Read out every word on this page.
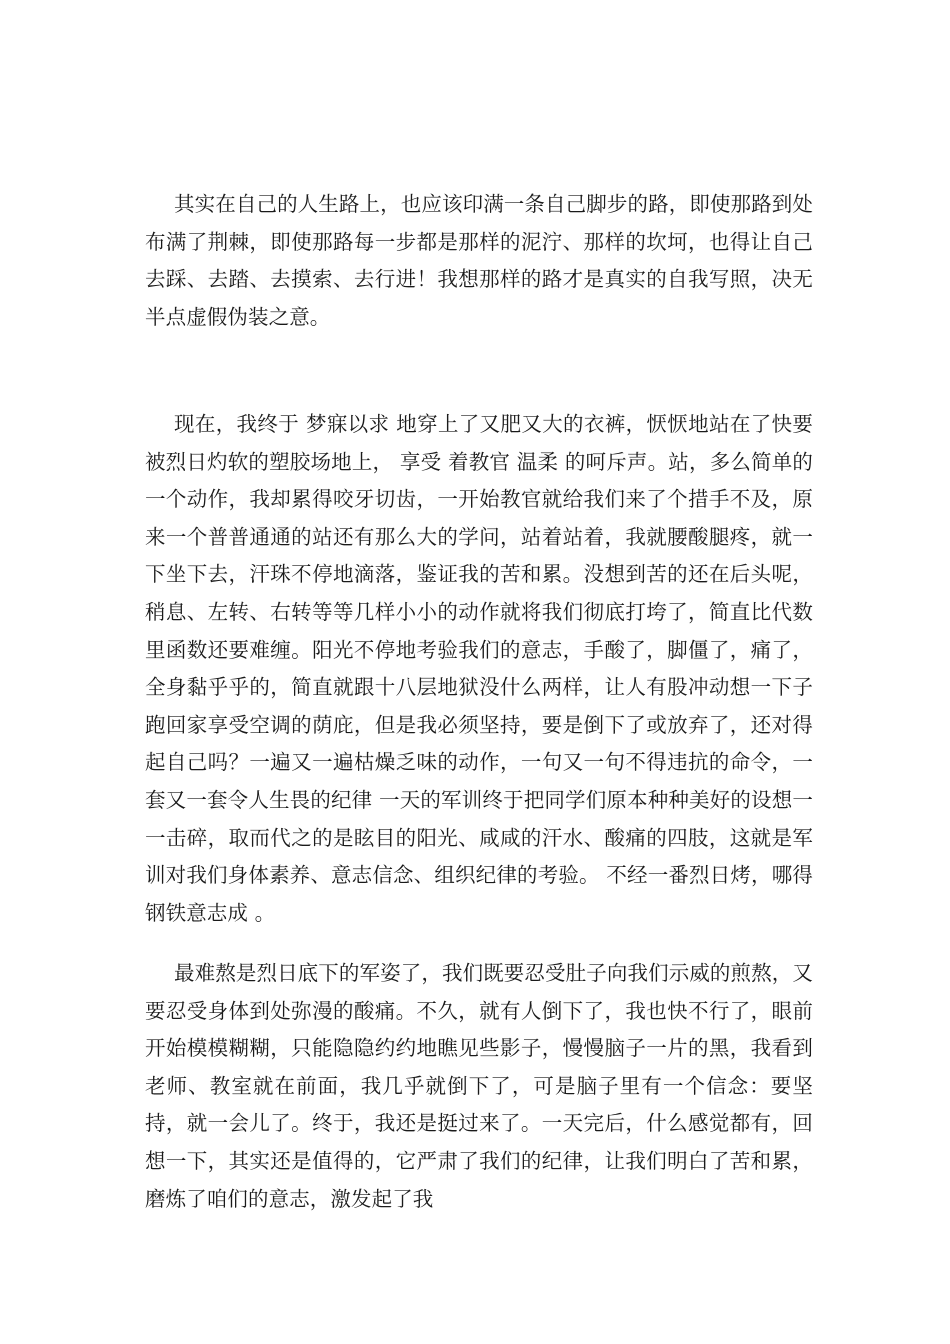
其实在自己的人生路上，也应该印满一条自己脚步的路，即使那路到处布满了荆棘，即使那路每一步都是那样的泥泞、那样的坎坷，也得让自己去踩、去踏、去摸索、去行进！我想那样的路才是真实的自我写照，决无半点虚假伪装之意。

现在，我终于 梦寐以求 地穿上了又肥又大的衣裤，恹恹地站在了快要被烈日灼软的塑胶场地上， 享受 着教官 温柔 的呵斥声。站，多么简单的一个动作，我却累得咬牙切齿，一开始教官就给我们来了个措手不及，原来一个普普通通的站还有那么大的学问，站着站着，我就腰酸腿疼，就一下坐下去，汗珠不停地滴落，鉴证我的苦和累。没想到苦的还在后头呢，稍息、左转、右转等等几样小小的动作就将我们彻底打垮了，简直比代数里函数还要难缠。阳光不停地考验我们的意志，手酸了，脚僵了，痛了，全身黏乎乎的，简直就跟十八层地狱没什么两样，让人有股冲动想一下子跑回家享受空调的荫庇，但是我必须坚持，要是倒下了或放弃了，还对得起自己吗？一遍又一遍枯燥乏味的动作，一句又一句不得违抗的命令，一套又一套令人生畏的纪律 一天的军训终于把同学们原本种种美好的设想一一击碎，取而代之的是眩目的阳光、咸咸的汗水、酸痛的四肢，这就是军训对我们身体素养、意志信念、组织纪律的考验。 不经一番烈日烤，哪得钢铁意志成 。

最难熬是烈日底下的军姿了，我们既要忍受肚子向我们示威的煎熬，又要忍受身体到处弥漫的酸痛。不久，就有人倒下了，我也快不行了，眼前开始模模糊糊，只能隐隐约约地瞧见些影子，慢慢脑子一片的黑，我看到老师、教室就在前面，我几乎就倒下了，可是脑子里有一个信念：要坚持，就一会儿了。终于，我还是挺过来了。一天完后，什么感觉都有，回想一下，其实还是值得的，它严肃了我们的纪律，让我们明白了苦和累，磨炼了咱们的意志，激发起了我
